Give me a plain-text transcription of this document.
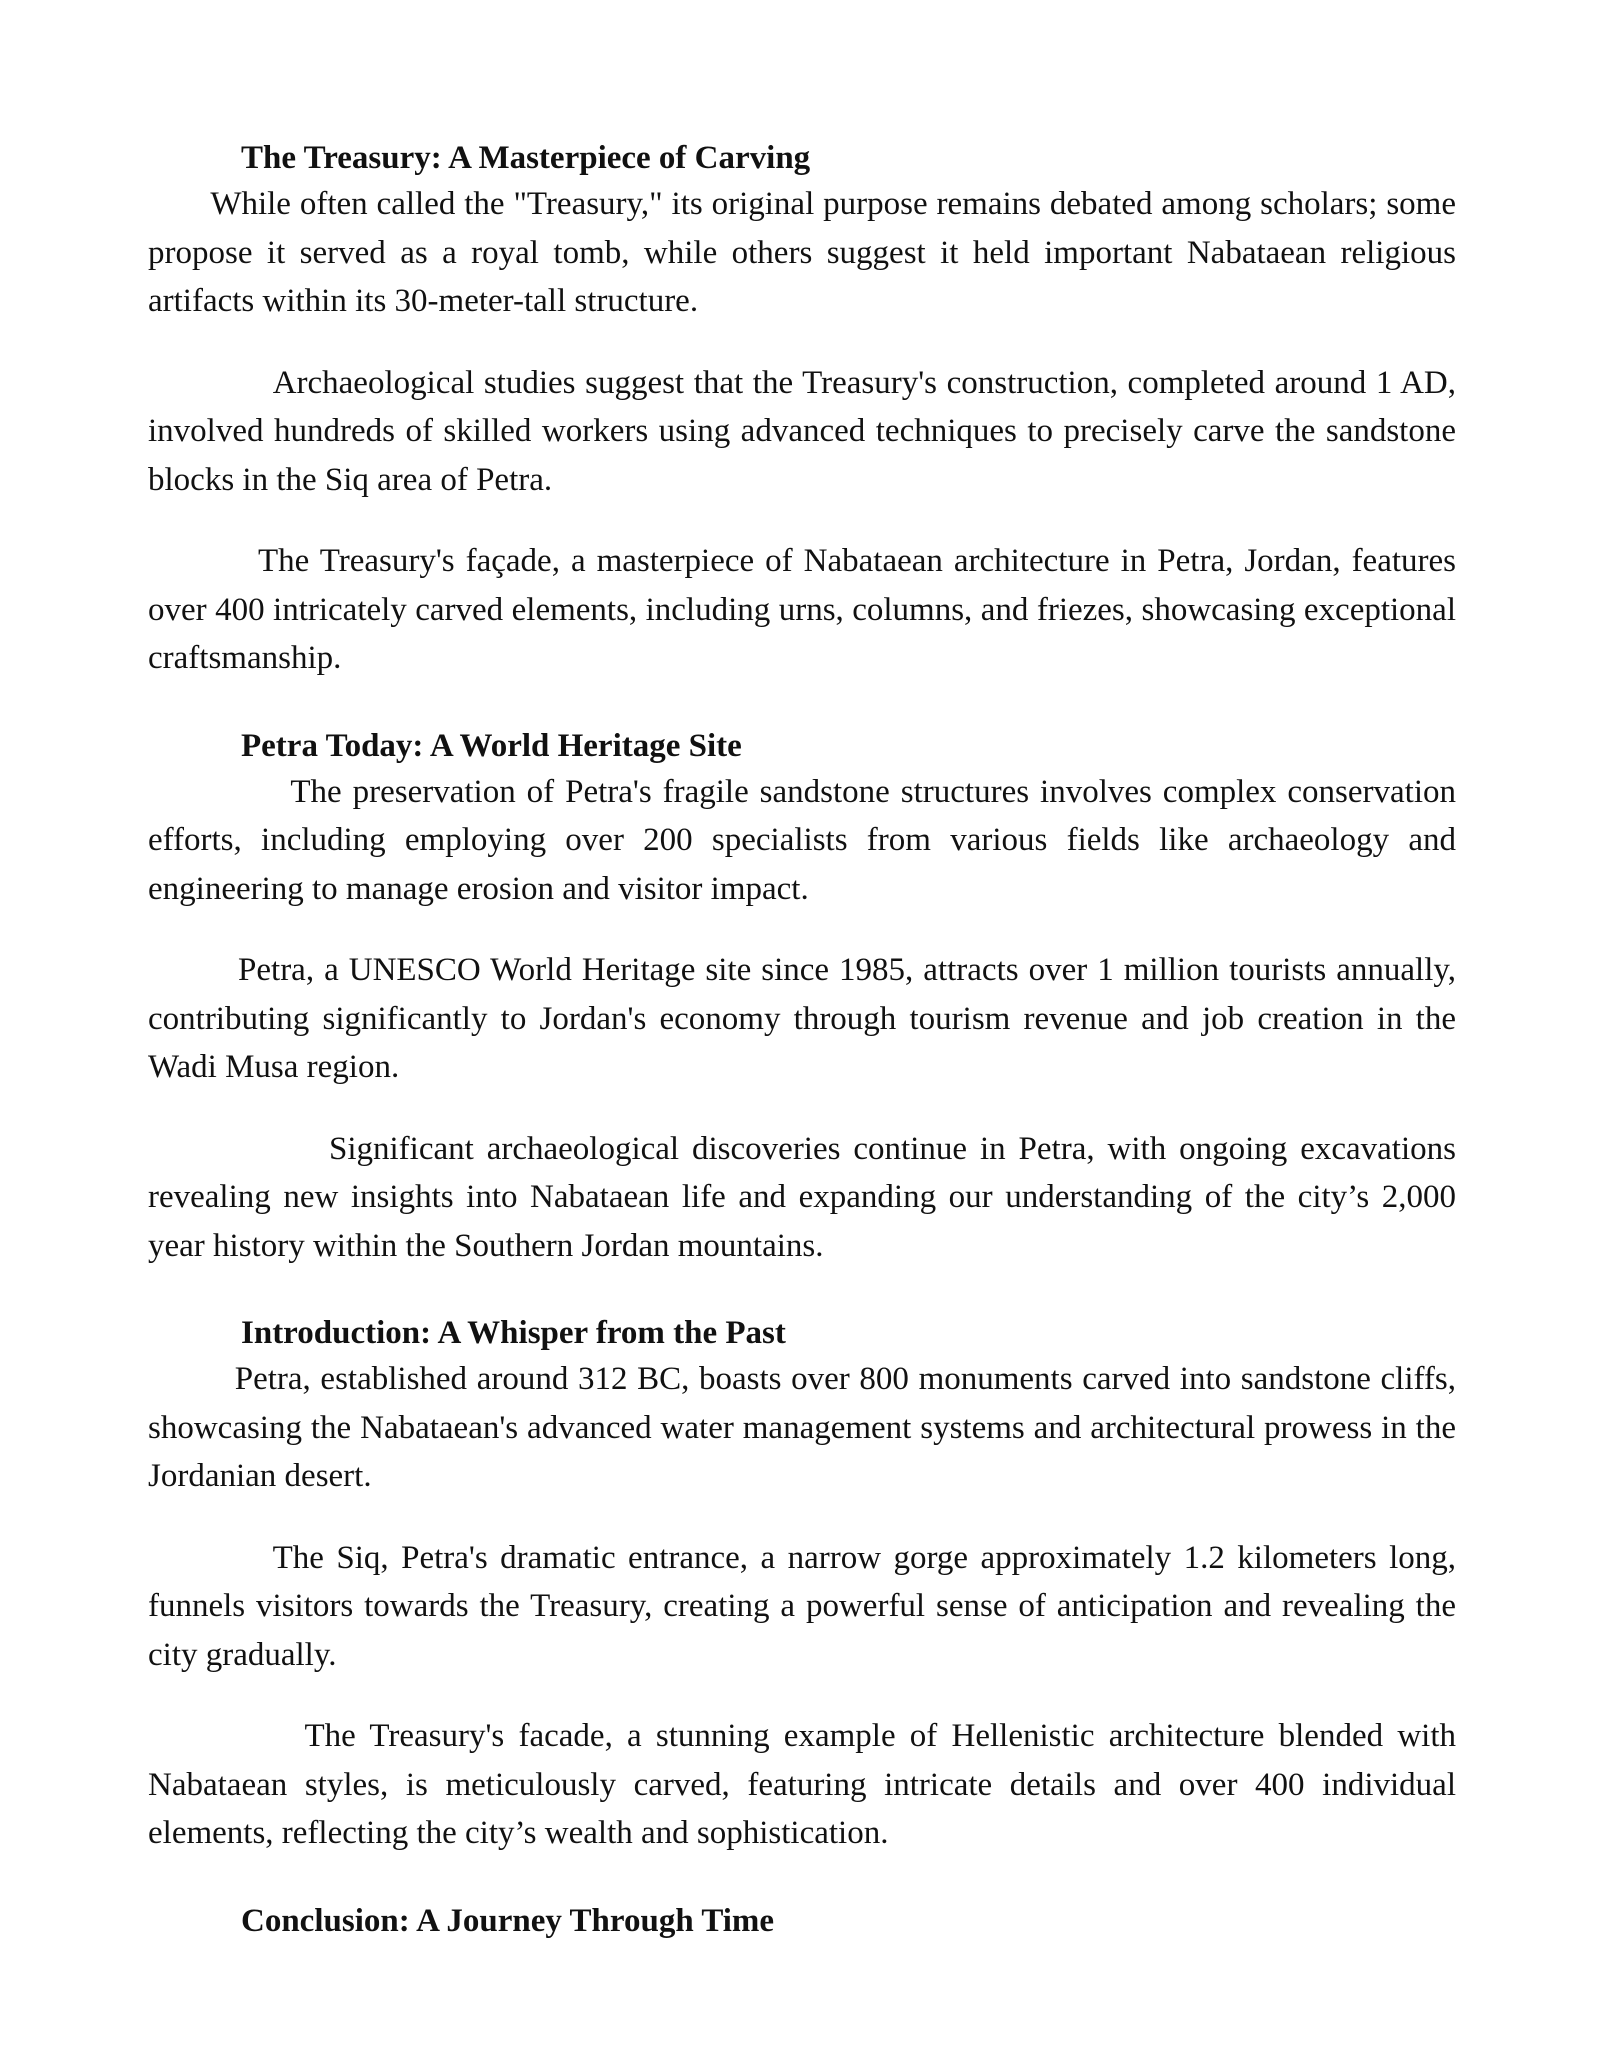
The Treasury: A Masterpiece of Carving

While often called the "Treasury," its original purpose remains debated among scholars; some propose it served as a royal tomb, while others suggest it held important Nabataean religious artifacts within its 30-meter-tall structure.

Archaeological studies suggest that the Treasury's construction, completed around 1 AD, involved hundreds of skilled workers using advanced techniques to precisely carve the sandstone blocks in the Siq area of Petra.

The Treasury's façade, a masterpiece of Nabataean architecture in Petra, Jordan, features over 400 intricately carved elements, including urns, columns, and friezes, showcasing exceptional craftsmanship.

Petra Today: A World Heritage Site

The preservation of Petra's fragile sandstone structures involves complex conservation efforts, including employing over 200 specialists from various fields like archaeology and engineering to manage erosion and visitor impact.

Petra, a UNESCO World Heritage site since 1985, attracts over 1 million tourists annually, contributing significantly to Jordan's economy through tourism revenue and job creation in the Wadi Musa region.

Significant archaeological discoveries continue in Petra, with ongoing excavations revealing new insights into Nabataean life and expanding our understanding of the city’s 2,000 year history within the Southern Jordan mountains.

Introduction: A Whisper from the Past

Petra, established around 312 BC, boasts over 800 monuments carved into sandstone cliffs, showcasing the Nabataean's advanced water management systems and architectural prowess in the Jordanian desert.

The Siq, Petra's dramatic entrance, a narrow gorge approximately 1.2 kilometers long, funnels visitors towards the Treasury, creating a powerful sense of anticipation and revealing the city gradually.

The Treasury's facade, a stunning example of Hellenistic architecture blended with Nabataean styles, is meticulously carved, featuring intricate details and over 400 individual elements, reflecting the city’s wealth and sophistication.

Conclusion: A Journey Through Time
